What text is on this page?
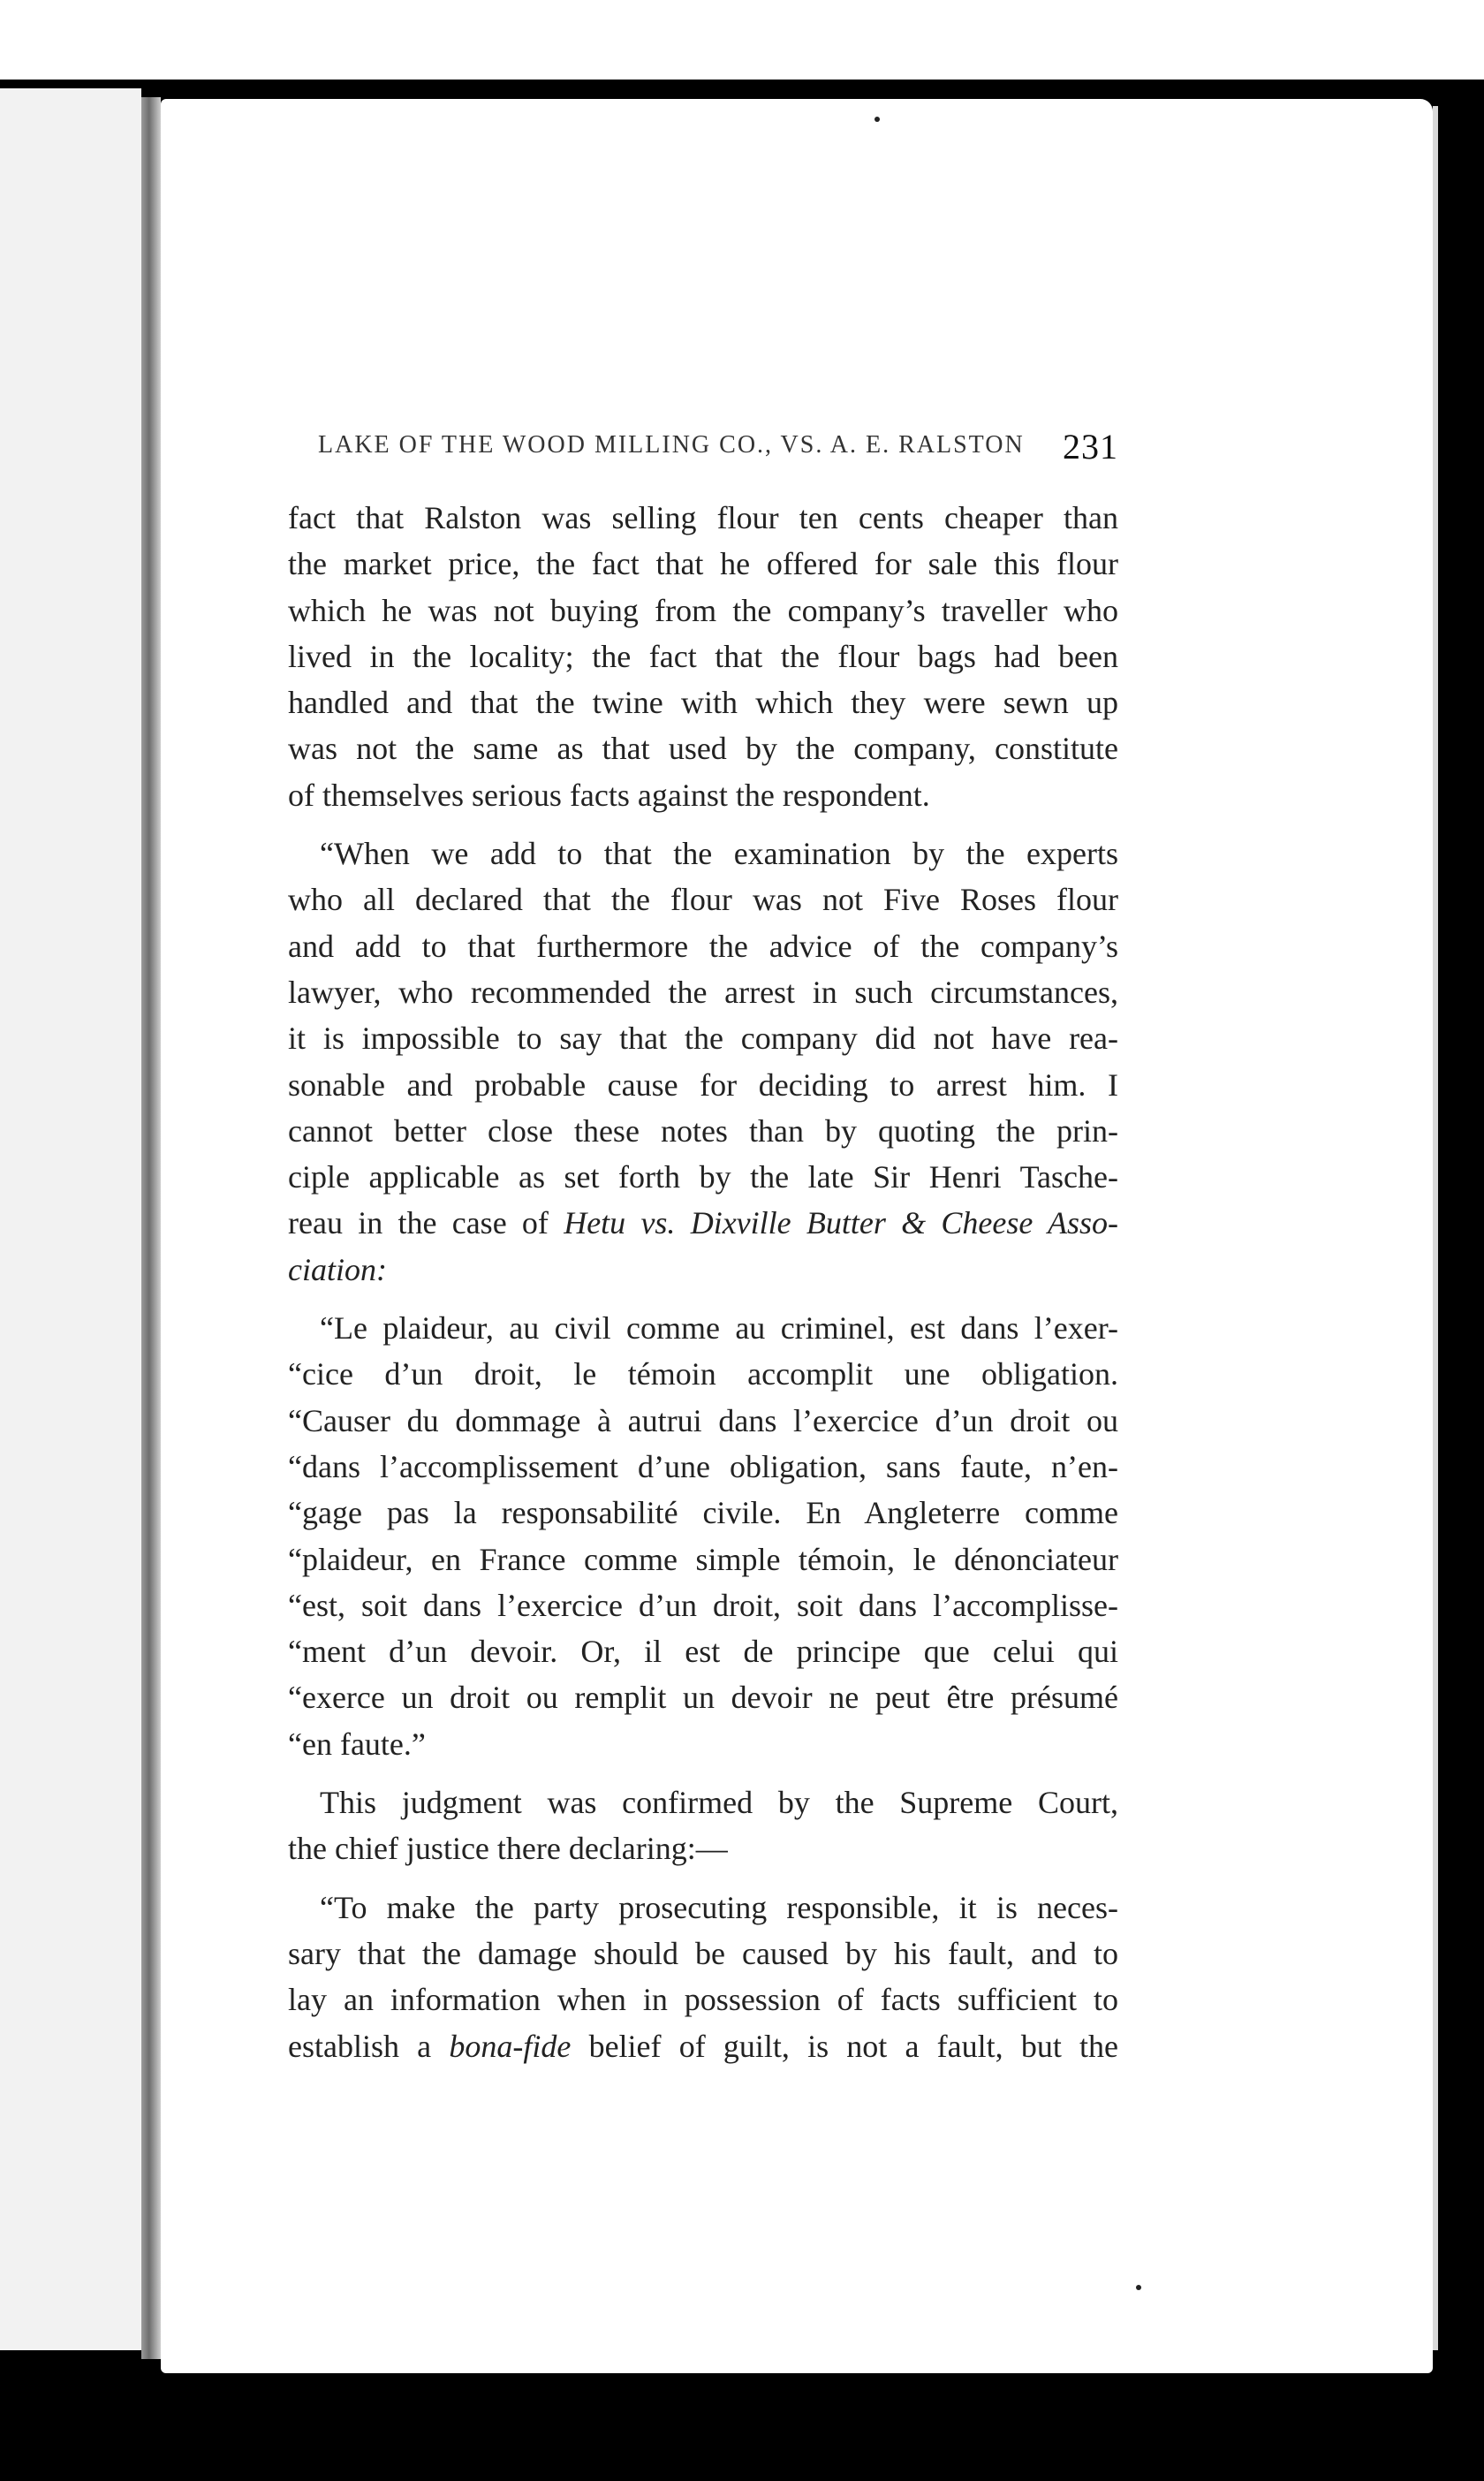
LAKE OF THE WOOD MILLING CO., VS. A. E. RALSTON 231

fact that Ralston was selling flour ten cents cheaper than
the market price, the fact that he offered for sale this flour
which he was not buying from the company’s traveller who
lived in the locality; the fact that the flour bags had been
handled and that the twine with which they were sewn up
was not the same as that used by the company, constitute
of themselves serious facts against the respondent.

“When we add to that the examination by the experts
who all declared that the flour was not Five Roses flour
and add to that furthermore the advice of the company’s
lawyer, who recommended the arrest in such circumstances,
it is impossible to say that the company did not have rea-
sonable and probable cause for deciding to arrest him. I
cannot better close these notes than by quoting the prin-
ciple applicable as set forth by the late Sir Henri Tasche-
reau in the case of Hetu vs. Dixville Butter & Cheese Asso-
ciation:

“Le plaideur, au civil comme au criminel, est dans l’exer-
“cice d’un droit, le témoin accomplit une obligation.
“Causer du dommage à autrui dans l’exercice d’un droit ou
“dans l’accomplissement d’une obligation, sans faute, n’en-
“gage pas la responsabilité civile. En Angleterre comme
“plaideur, en France comme simple témoin, le dénonciateur
“est, soit dans l’exercice d’un droit, soit dans l’accomplisse-
“ment d’un devoir. Or, il est de principe que celui qui
“exerce un droit ou remplit un devoir ne peut être présumé
“en faute.”

This judgment was confirmed by the Supreme Court,
the chief justice there declaring:—

“To make the party prosecuting responsible, it is neces-
sary that the damage should be caused by his fault, and to
lay an information when in possession of facts sufficient to
establish a bona-fide belief of guilt, is not a fault, but the
